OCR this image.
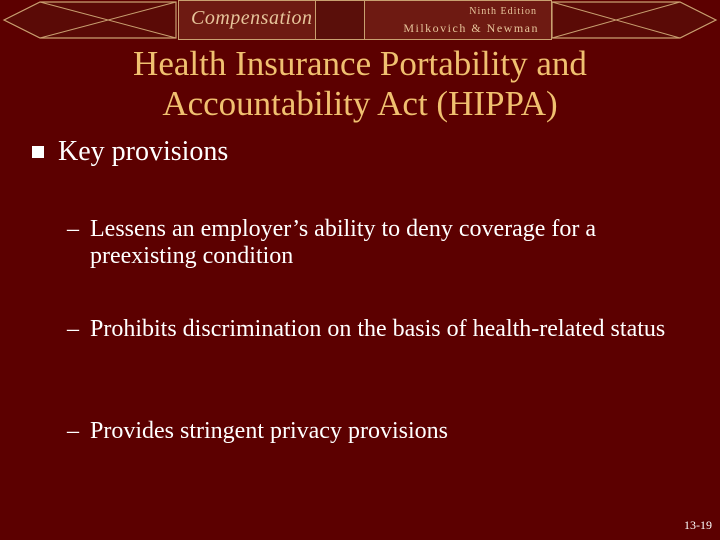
Compensation	Ninth Edition
Milkovich & Newman
Health Insurance Portability and Accountability Act (HIPPA)
Key provisions
– Lessens an employer’s ability to deny coverage for a preexisting condition
– Prohibits discrimination on the basis of health-related status
– Provides stringent privacy provisions
13-19
